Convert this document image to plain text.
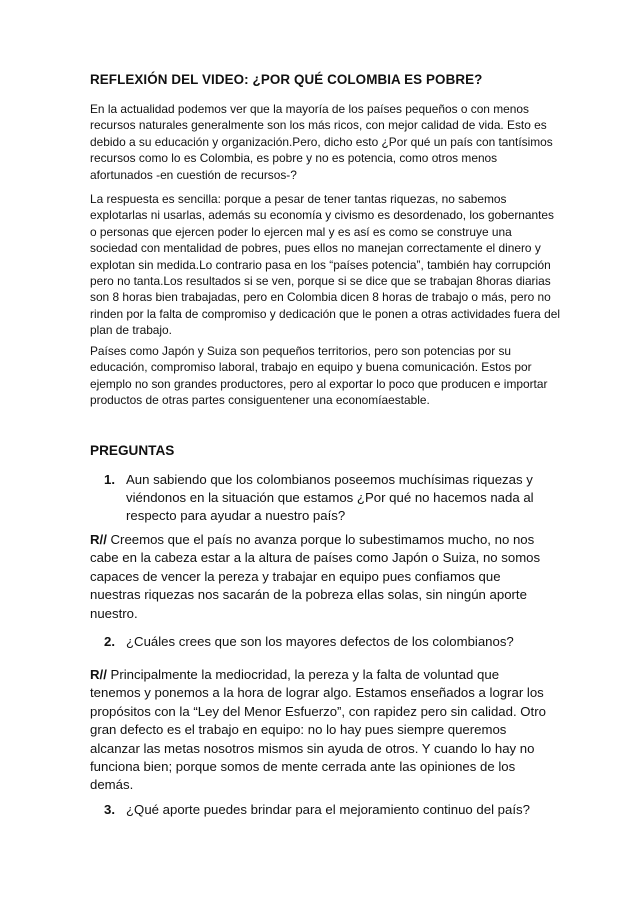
REFLEXIÓN DEL VIDEO: ¿POR QUÉ COLOMBIA ES POBRE?

En la actualidad podemos ver que la mayoría de los países pequeños o con menos recursos naturales generalmente son los más ricos, con mejor calidad de vida. Esto es debido a su educación y organización.Pero, dicho esto ¿Por qué un país con tantísimos recursos como lo es Colombia, es pobre y no es potencia, como otros menos afortunados -en cuestión de recursos-?

La respuesta es sencilla: porque a pesar de tener tantas riquezas, no sabemos explotarlas ni usarlas, además su economía y civismo es desordenado, los gobernantes o personas que ejercen poder lo ejercen mal y es así es como se construye una sociedad con mentalidad de pobres, pues ellos no manejan correctamente el dinero y explotan sin medida.Lo contrario pasa en los “países potencia”, también hay corrupción pero no tanta.Los resultados si se ven, porque si se dice que se trabajan 8horas diarias son 8 horas bien trabajadas, pero en Colombia dicen 8 horas de trabajo o más, pero no rinden por la falta de compromiso y dedicación que le ponen a otras actividades fuera del plan de trabajo.

Países como Japón y Suiza son pequeños territorios, pero son potencias por su educación, compromiso laboral, trabajo en equipo y buena comunicación. Estos por ejemplo no son grandes productores, pero al exportar lo poco que producen e importar productos de otras partes consiguentener una economíaestable.

PREGUNTAS
1. Aun sabiendo que los colombianos poseemos muchísimas riquezas y viéndonos en la situación que estamos ¿Por qué no hacemos nada al respecto para ayudar a nuestro país?

R// Creemos que el país no avanza porque lo subestimamos mucho, no nos cabe en la cabeza estar a la altura de países como Japón o Suiza, no somos capaces de vencer la pereza y trabajar en equipo pues confiamos que nuestras riquezas nos sacarán de la pobreza ellas solas, sin ningún aporte nuestro.

2. ¿Cuáles crees que son los mayores defectos de los colombianos?

R// Principalmente la mediocridad, la pereza y la falta de voluntad que tenemos y ponemos a la hora de lograr algo. Estamos enseñados a lograr los propósitos con la “Ley del Menor Esfuerzo”, con rapidez pero sin calidad. Otro gran defecto es el trabajo en equipo: no lo hay pues siempre queremos alcanzar las metas nosotros mismos sin ayuda de otros. Y cuando lo hay no funciona bien; porque somos de mente cerrada ante las opiniones de los demás.

3. ¿Qué aporte puedes brindar para el mejoramiento continuo del país?
